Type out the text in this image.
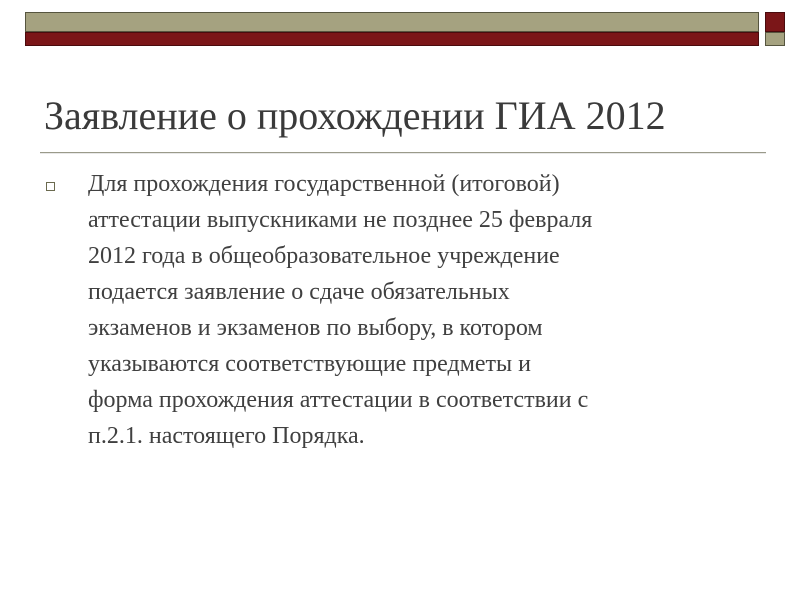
Заявление о прохождении ГИА 2012

Для прохождения государственной (итоговой)
аттестации выпускниками не позднее 25 февраля
2012 года в общеобразовательное учреждение
подается заявление о сдаче обязательных
экзаменов и экзаменов по выбору, в котором
указываются соответствующие предметы и
форма прохождения аттестации в соответствии с
п.2.1. настоящего Порядка.
